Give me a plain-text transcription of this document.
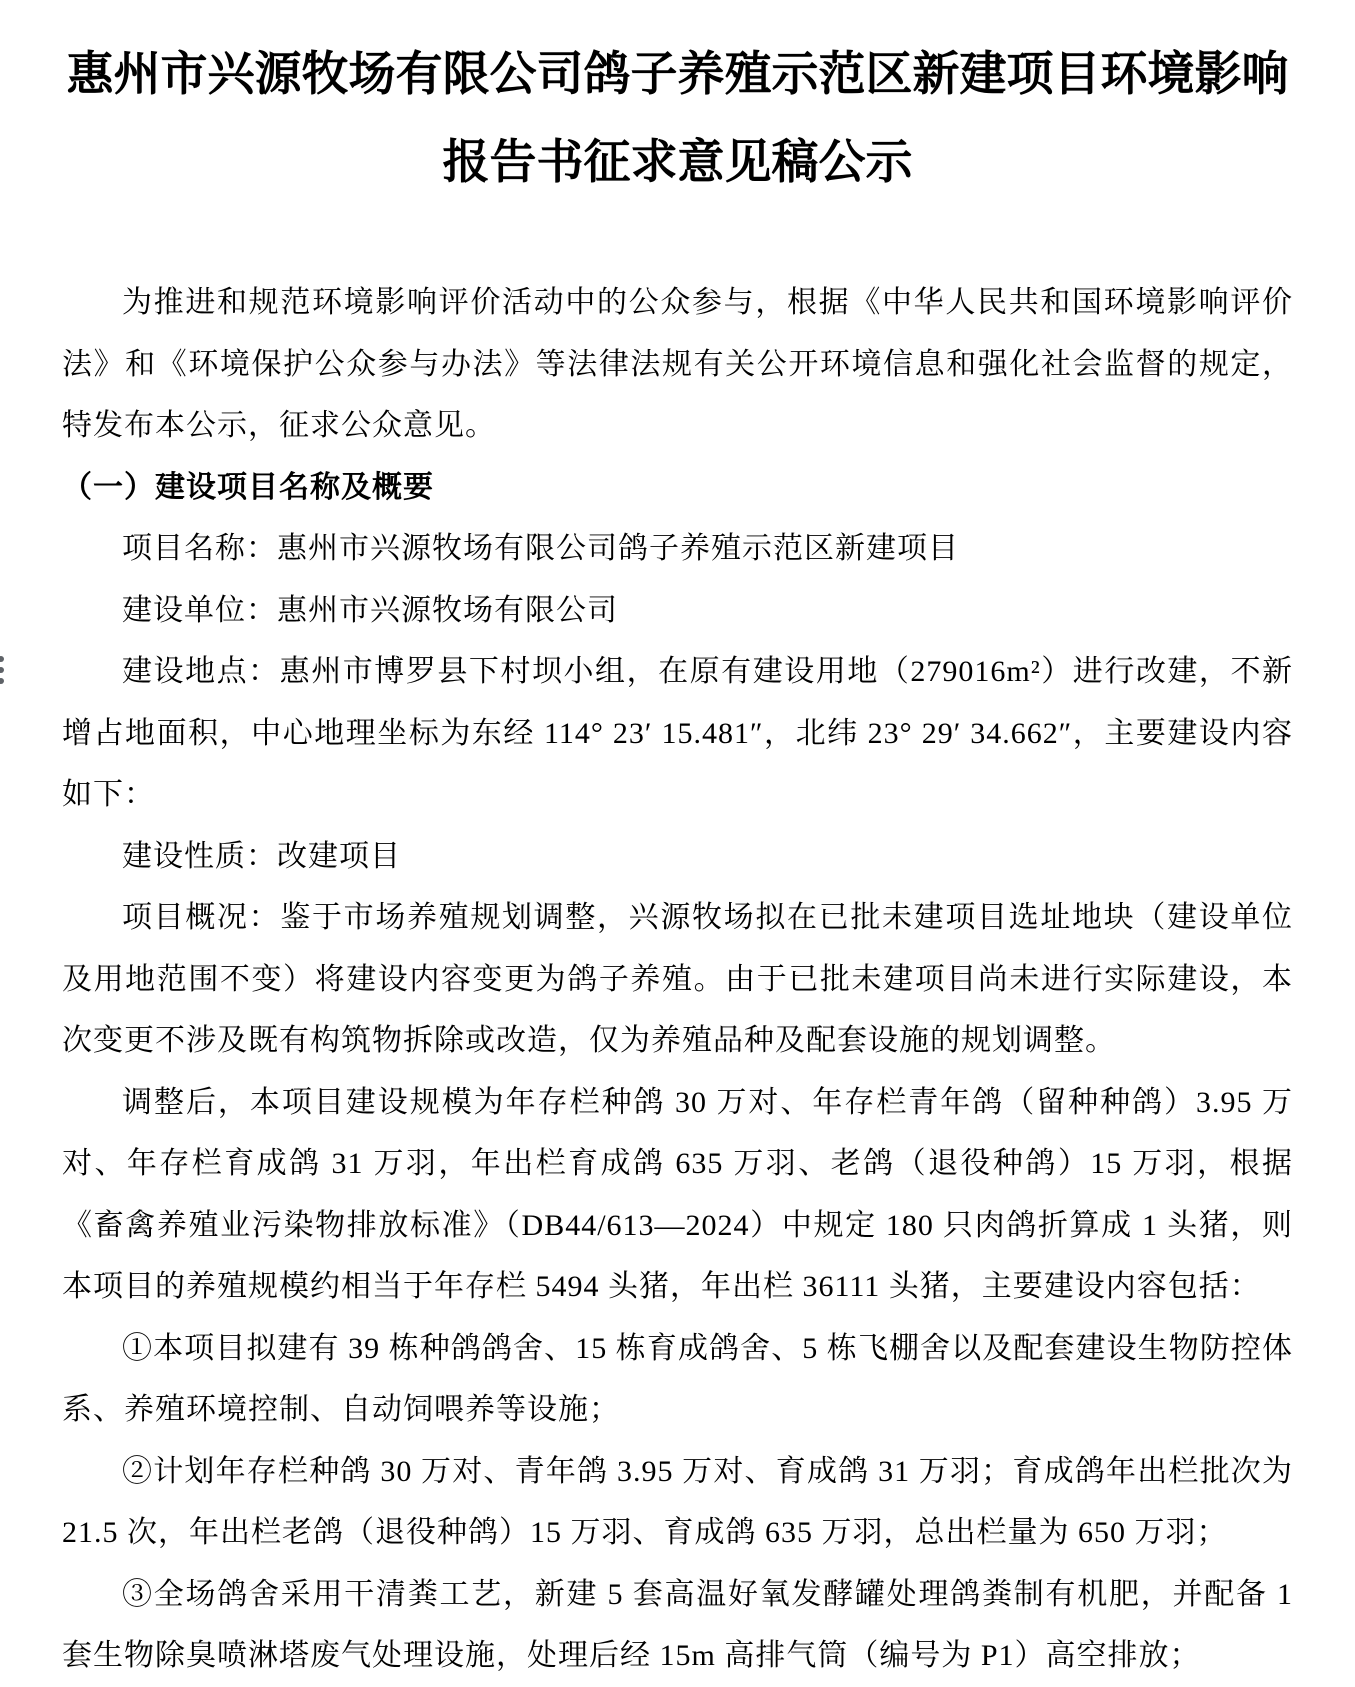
惠州市兴源牧场有限公司鸽子养殖示范区新建项目环境影响报告书征求意见稿公示

为推进和规范环境影响评价活动中的公众参与，根据《中华人民共和国环境影响评价法》和《环境保护公众参与办法》等法律法规有关公开环境信息和强化社会监督的规定，特发布本公示，征求公众意见。

（一）建设项目名称及概要

项目名称：惠州市兴源牧场有限公司鸽子养殖示范区新建项目

建设单位：惠州市兴源牧场有限公司

建设地点：惠州市博罗县下村坝小组，在原有建设用地（279016m²）进行改建，不新增占地面积，中心地理坐标为东经 114° 23′ 15.481″，北纬 23° 29′ 34.662″，主要建设内容如下：

建设性质：改建项目

项目概况：鉴于市场养殖规划调整，兴源牧场拟在已批未建项目选址地块（建设单位及用地范围不变）将建设内容变更为鸽子养殖。由于已批未建项目尚未进行实际建设，本次变更不涉及既有构筑物拆除或改造，仅为养殖品种及配套设施的规划调整。

调整后，本项目建设规模为年存栏种鸽 30 万对、年存栏青年鸽（留种种鸽）3.95 万对、年存栏育成鸽 31 万羽，年出栏育成鸽 635 万羽、老鸽（退役种鸽）15 万羽，根据《畜禽养殖业污染物排放标准》（DB44/613—2024）中规定 180 只肉鸽折算成 1 头猪，则本项目的养殖规模约相当于年存栏 5494 头猪，年出栏 36111 头猪，主要建设内容包括：

①本项目拟建有 39 栋种鸽鸽舍、15 栋育成鸽舍、5 栋飞棚舍以及配套建设生物防控体系、养殖环境控制、自动饲喂养等设施；

②计划年存栏种鸽 30 万对、青年鸽 3.95 万对、育成鸽 31 万羽；育成鸽年出栏批次为 21.5 次，年出栏老鸽（退役种鸽）15 万羽、育成鸽 635 万羽，总出栏量为 650 万羽；

③全场鸽舍采用干清粪工艺，新建 5 套高温好氧发酵罐处理鸽粪制有机肥，并配备 1 套生物除臭喷淋塔废气处理设施，处理后经 15m 高排气筒（编号为 P1）高空排放；
